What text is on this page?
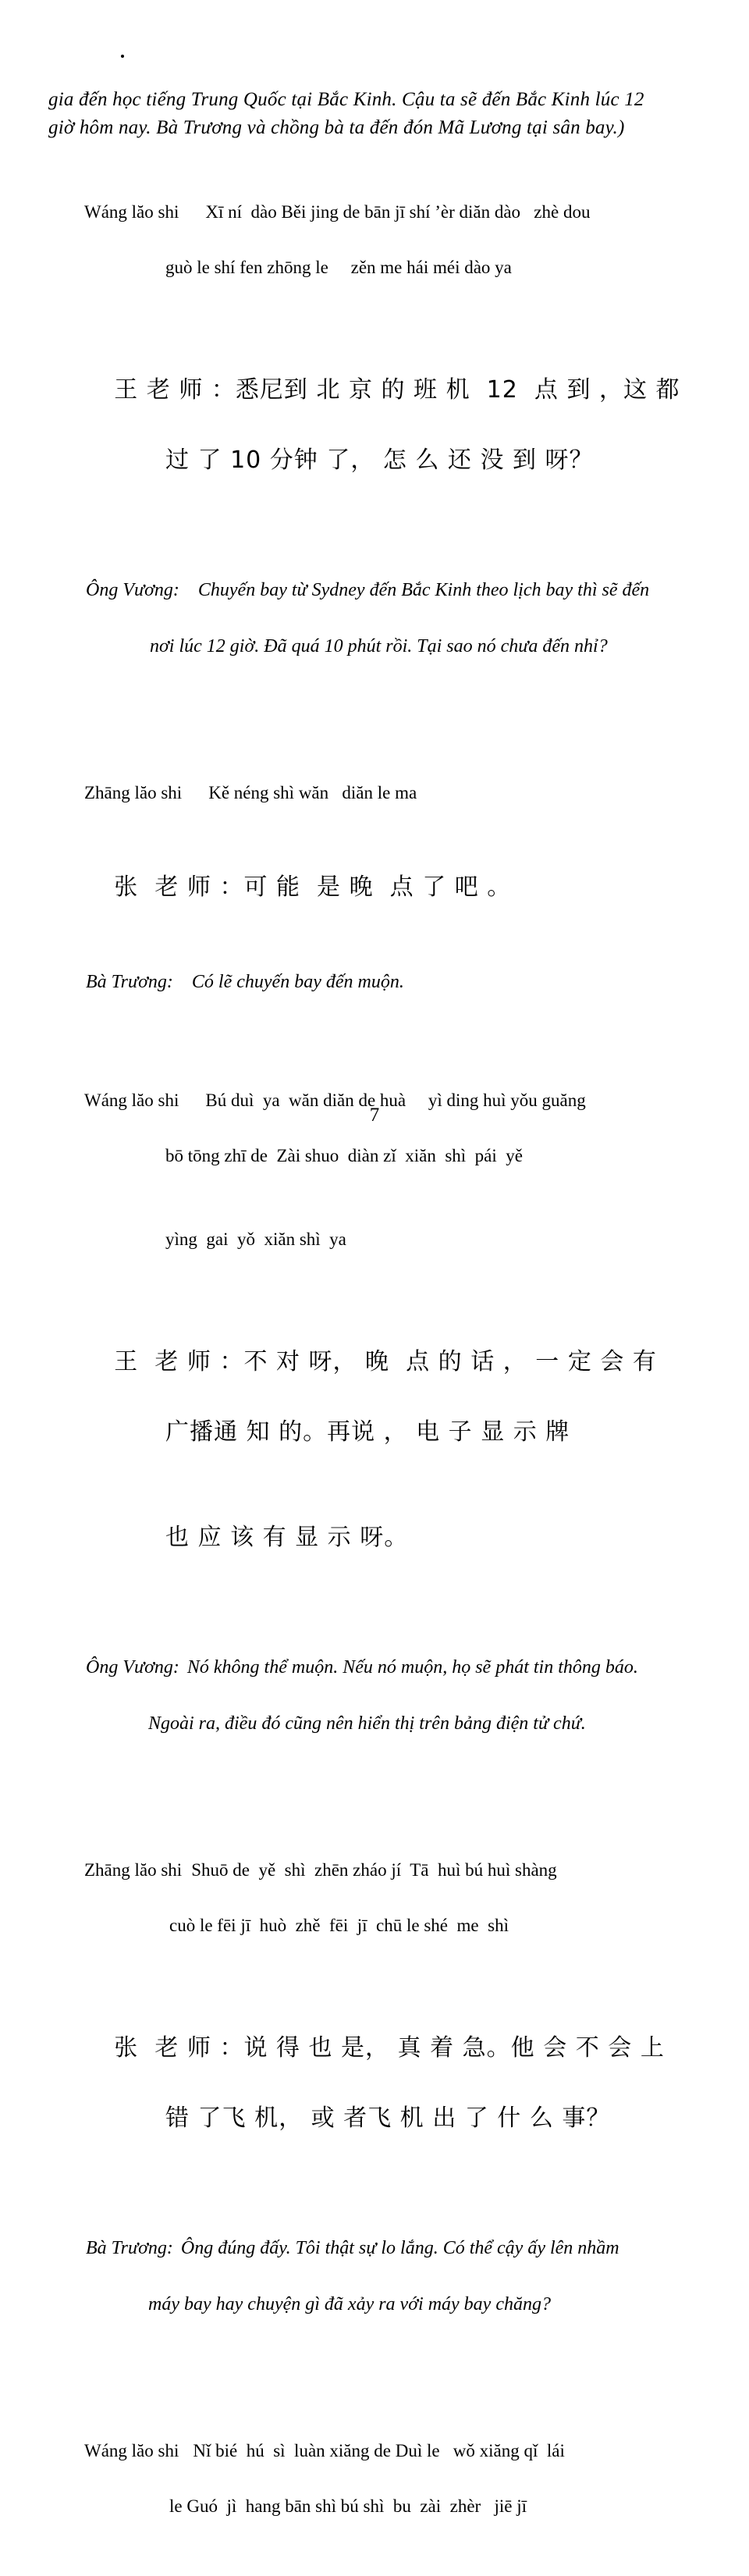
gia đến học tiếng Trung Quốc tại Bắc Kinh. Cậu ta sẽ đến Bắc Kinh lúc 12
giờ hôm nay. Bà Trương và chồng bà ta đến đón Mã Lương tại sân bay.)

Wáng lăo shi Xī ní  dào Běi jing de bān jī shí ’èr diăn dào   zhè dou

guò le shí fen zhōng le     zěn me hái méi dào ya

王 老 师 ：悉尼到 北 京 的 班 机  12  点 到 ，这 都

过 了 10 分钟 了， 怎 么 还 没 到 呀？

Ông Vương: Chuyến bay từ Sydney đến Bắc Kinh theo lịch bay thì sẽ đến

nơi lúc 12 giờ. Đã quá 10 phút rồi. Tại sao nó chưa đến nhỉ?

Zhāng lăo shi Kě néng shì wăn   diăn le ma

张  老 师 ：可 能  是 晚  点 了 吧 。

Bà Trương: Có lẽ chuyến bay đến muộn.

Wáng lăo shi Bú duì  ya  wăn diăn de huà     yì ding huì yǒu guăng

bō tōng zhī de  Zài shuo  diàn zǐ  xiăn  shì  pái  yě

yìng  gai  yǒ  xiăn shì  ya

王  老 师 ：不 对 呀， 晚  点 的 话 ， 一 定 会 有

广播通 知 的。再说 ， 电 子 显 示 牌

也 应 该 有 显 示 呀。

Ông Vương: Nó không thể muộn. Nếu nó muộn, họ sẽ phát tin thông báo.

Ngoài ra, điều đó cũng nên hiển thị trên bảng điện tử chứ.

Zhāng lăo shi Shuō de  yě  shì  zhēn zháo jí  Tā  huì bú huì shàng

cuò le fēi jī  huò  zhě  fēi  jī  chū le shé  me  shì

张  老 师 ：说 得 也 是， 真 着 急。他 会 不 会 上

错 了飞 机， 或 者飞 机 出 了 什 么 事？

Bà Trương: Ông đúng đấy. Tôi thật sự lo lắng. Có thể cậy ấy lên nhầm

máy bay hay chuyện gì đã xảy ra với máy bay chăng?

Wáng lăo shi Nǐ bié  hú  sì  luàn xiăng de Duì le   wǒ xiăng qǐ  lái

le Guó  jì  hang bān shì bú shì  bu  zài  zhèr   jiē jī

7
